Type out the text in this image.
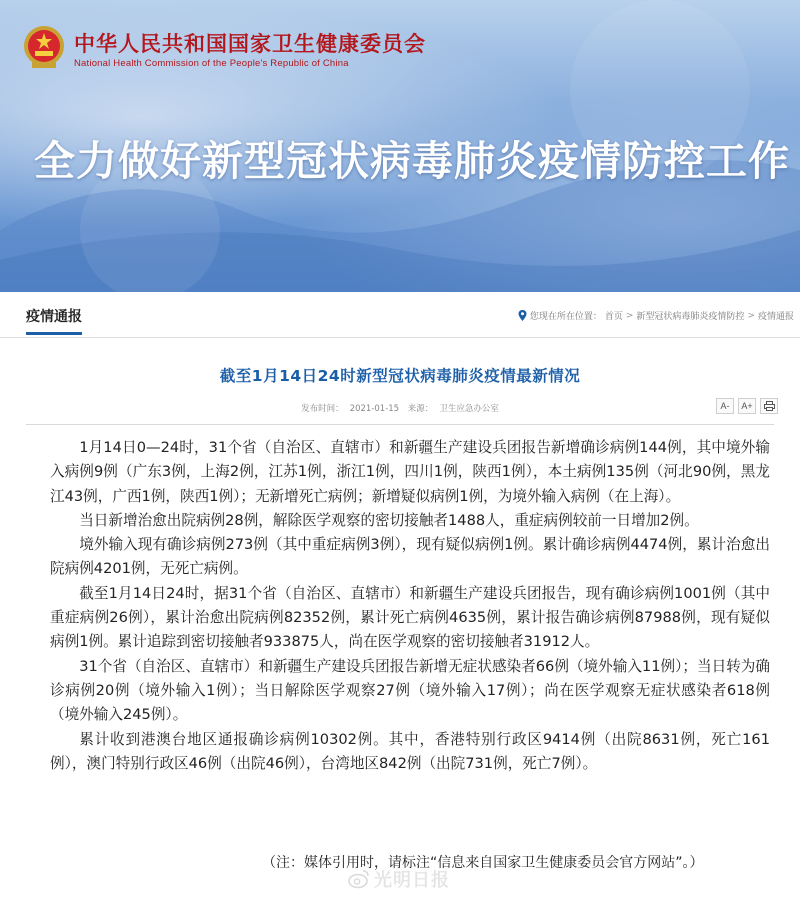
中华人民共和国国家卫生健康委员会
National Health Commission of the People's Republic of China
全力做好新型冠状病毒肺炎疫情防控工作
疫情通报	您现在所在位置： 首页 > 新型冠状病毒肺炎疫情防控 > 疫情通报
截至1月14日24时新型冠状病毒肺炎疫情最新情况
发布时间： 2021-01-15 来源： 卫生应急办公室	A-	A+

1月14日0—24时，31个省（自治区、直辖市）和新疆生产建设兵团报告新增确诊病例144例，其中境外输入病例9例（广东3例，上海2例，江苏1例，浙江1例，四川1例，陕西1例），本土病例135例（河北90例，黑龙江43例，广西1例，陕西1例）；无新增死亡病例；新增疑似病例1例，为境外输入病例（在上海）。

当日新增治愈出院病例28例，解除医学观察的密切接触者1488人，重症病例较前一日增加2例。

境外输入现有确诊病例273例（其中重症病例3例），现有疑似病例1例。累计确诊病例4474例，累计治愈出院病例4201例，无死亡病例。

截至1月14日24时，据31个省（自治区、直辖市）和新疆生产建设兵团报告，现有确诊病例1001例（其中重症病例26例），累计治愈出院病例82352例，累计死亡病例4635例，累计报告确诊病例87988例，现有疑似病例1例。累计追踪到密切接触者933875人，尚在医学观察的密切接触者31912人。

31个省（自治区、直辖市）和新疆生产建设兵团报告新增无症状感染者66例（境外输入11例）；当日转为确诊病例20例（境外输入1例）；当日解除医学观察27例（境外输入17例）；尚在医学观察无症状感染者618例（境外输入245例）。

累计收到港澳台地区通报确诊病例10302例。其中，香港特别行政区9414例（出院8631例，死亡161例），澳门特别行政区46例（出院46例），台湾地区842例（出院731例，死亡7例）。

（注：媒体引用时，请标注“信息来自国家卫生健康委员会官方网站”。）
光明日报
